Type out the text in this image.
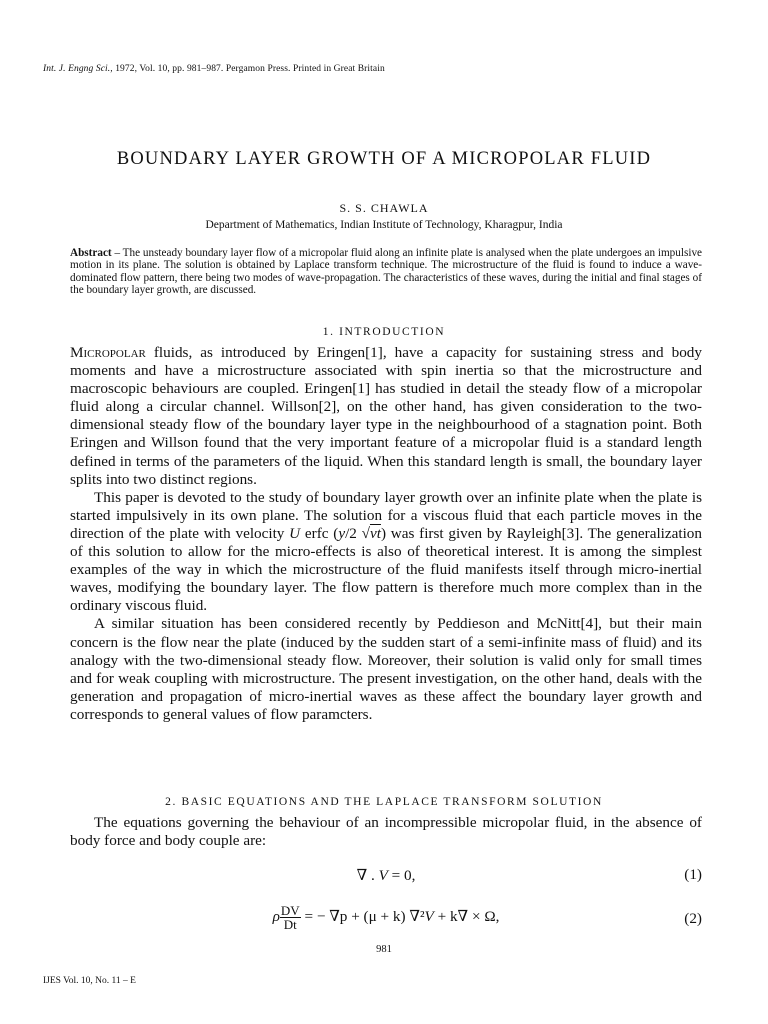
Int. J. Engng Sci., 1972, Vol. 10, pp. 981–987. Pergamon Press. Printed in Great Britain
BOUNDARY LAYER GROWTH OF A MICROPOLAR FLUID
S. S. CHAWLA
Department of Mathematics, Indian Institute of Technology, Kharagpur, India
Abstract – The unsteady boundary layer flow of a micropolar fluid along an infinite plate is analysed when the plate undergoes an impulsive motion in its plane. The solution is obtained by Laplace transform technique. The microstructure of the fluid is found to induce a wave-dominated flow pattern, there being two modes of wave-propagation. The characteristics of these waves, during the initial and final stages of the boundary layer growth, are discussed.
1. INTRODUCTION

Micropolar fluids, as introduced by Eringen[1], have a capacity for sustaining stress and body moments and have a microstructure associated with spin inertia so that the microstructure and macroscopic behaviours are coupled. Eringen[1] has studied in detail the steady flow of a micropolar fluid along a circular channel. Willson[2], on the other hand, has given consideration to the two-dimensional steady flow of the boundary layer type in the neighbourhood of a stagnation point. Both Eringen and Willson found that the very important feature of a micropolar fluid is a standard length defined in terms of the parameters of the liquid. When this standard length is small, the boundary layer splits into two distinct regions.

This paper is devoted to the study of boundary layer growth over an infinite plate when the plate is started impulsively in its own plane. The solution for a viscous fluid that each particle moves in the direction of the plate with velocity U erfc (y/2 √νt) was first given by Rayleigh[3]. The generalization of this solution to allow for the micro-effects is also of theoretical interest. It is among the simplest examples of the way in which the microstructure of the fluid manifests itself through micro-inertial waves, modifying the boundary layer. The flow pattern is therefore much more complex than in the ordinary viscous fluid.

A similar situation has been considered recently by Peddieson and McNitt[4], but their main concern is the flow near the plate (induced by the sudden start of a semi-infinite mass of fluid) and its analogy with the two-dimensional steady flow. Moreover, their solution is valid only for small times and for weak coupling with microstructure. The present investigation, on the other hand, deals with the generation and propagation of micro-inertial waves as these affect the boundary layer growth and corresponds to general values of flow paramcters.

2. BASIC EQUATIONS AND THE LAPLACE TRANSFORM SOLUTION

The equations governing the behaviour of an incompressible micropolar fluid, in the absence of body force and body couple are:

∇ . V = 0,	(1)
ρ $\frac{DV}{Dt}$ = − ∇p + (μ + k) ∇²V + k∇ × Ω,	(2)
981
IJES Vol. 10, No. 11 – E
